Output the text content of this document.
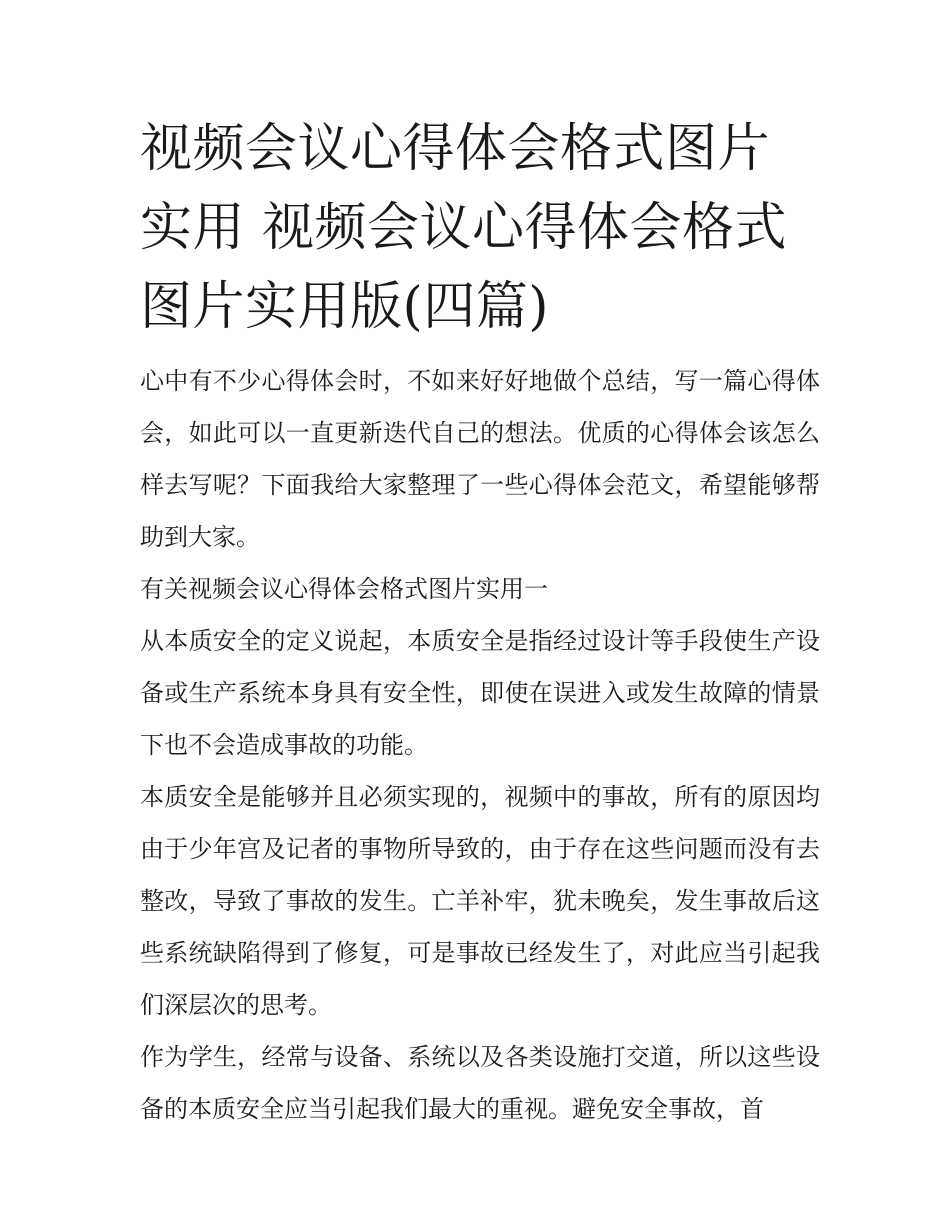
视频会议心得体会格式图片实用 视频会议心得体会格式图片实用版(四篇)

心中有不少心得体会时，不如来好好地做个总结，写一篇心得体会，如此可以一直更新迭代自己的想法。优质的心得体会该怎么样去写呢？下面我给大家整理了一些心得体会范文，希望能够帮助到大家。

有关视频会议心得体会格式图片实用一

从本质安全的定义说起，本质安全是指经过设计等手段使生产设备或生产系统本身具有安全性，即使在误进入或发生故障的情景下也不会造成事故的功能。

本质安全是能够并且必须实现的，视频中的事故，所有的原因均由于少年宫及记者的事物所导致的，由于存在这些问题而没有去整改，导致了事故的发生。亡羊补牢，犹未晚矣，发生事故后这些系统缺陷得到了修复，可是事故已经发生了，对此应当引起我们深层次的思考。

作为学生，经常与设备、系统以及各类设施打交道，所以这些设备的本质安全应当引起我们最大的重视。避免安全事故，首
